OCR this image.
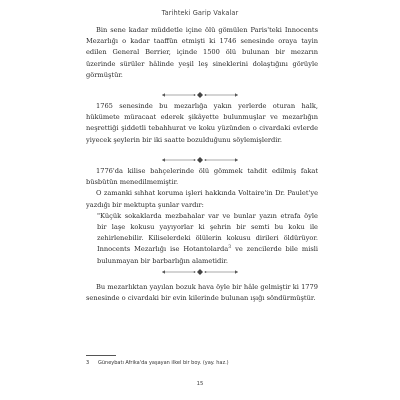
Tarihteki Garip Vakalar

Bin sene kadar müddetle içine ölü gömülen Paris'teki Innocents Mezarlığı o kadar taaffün etmişti ki 1746 senesinde oraya tayin edilen General Berrier, içinde 1500 ölü bulunan bir mezarın üzerinde sürüler hâlinde yeşil leş sineklerini dolaştığını görüyle görmüştür.

1765 senesinde bu mezarlığa yakın yerlerde oturan halk, hükümete müracaat ederek şikâyette bulunmuşlar ve mezarlığın neşrettiği şiddetli tebahhurat ve koku yüzünden o civardaki evlerde yiyecek şeylerin bir iki saatte bozulduğunu söylemişlerdir.

1776'da kilise bahçelerinde ölü gömmek tahdit edilmiş fakat büsbütün menedilmemiştir.

O zamanki sıhhat koruma işleri hakkında Voltaire'in Dr. Paulet'ye yazdığı bir mektupta şunlar vardır:

"Küçük sokaklarda mezbahalar var ve bunlar yazın etrafa öyle bir laşe kokusu yayıyorlar ki şehrin bir semti bu koku ile zehirlenebilir. Kiliselerdeki ölülerin kokusu dirileri öldürüyor. Innocents Mezarlığı ise Hotantolarda$^3$ ve zencilerde bile misli bulunmayan bir barbarlığın alametidir.

Bu mezarlıktan yayılan bozuk hava öyle bir hâle gelmiştir ki 1779 senesinde o civardaki bir evin kilerinde bulunan ışığı söndürmüştür.

3 Güneybatı Afrika'da yaşayan ilkel bir boy. (yay. haz.)
15
